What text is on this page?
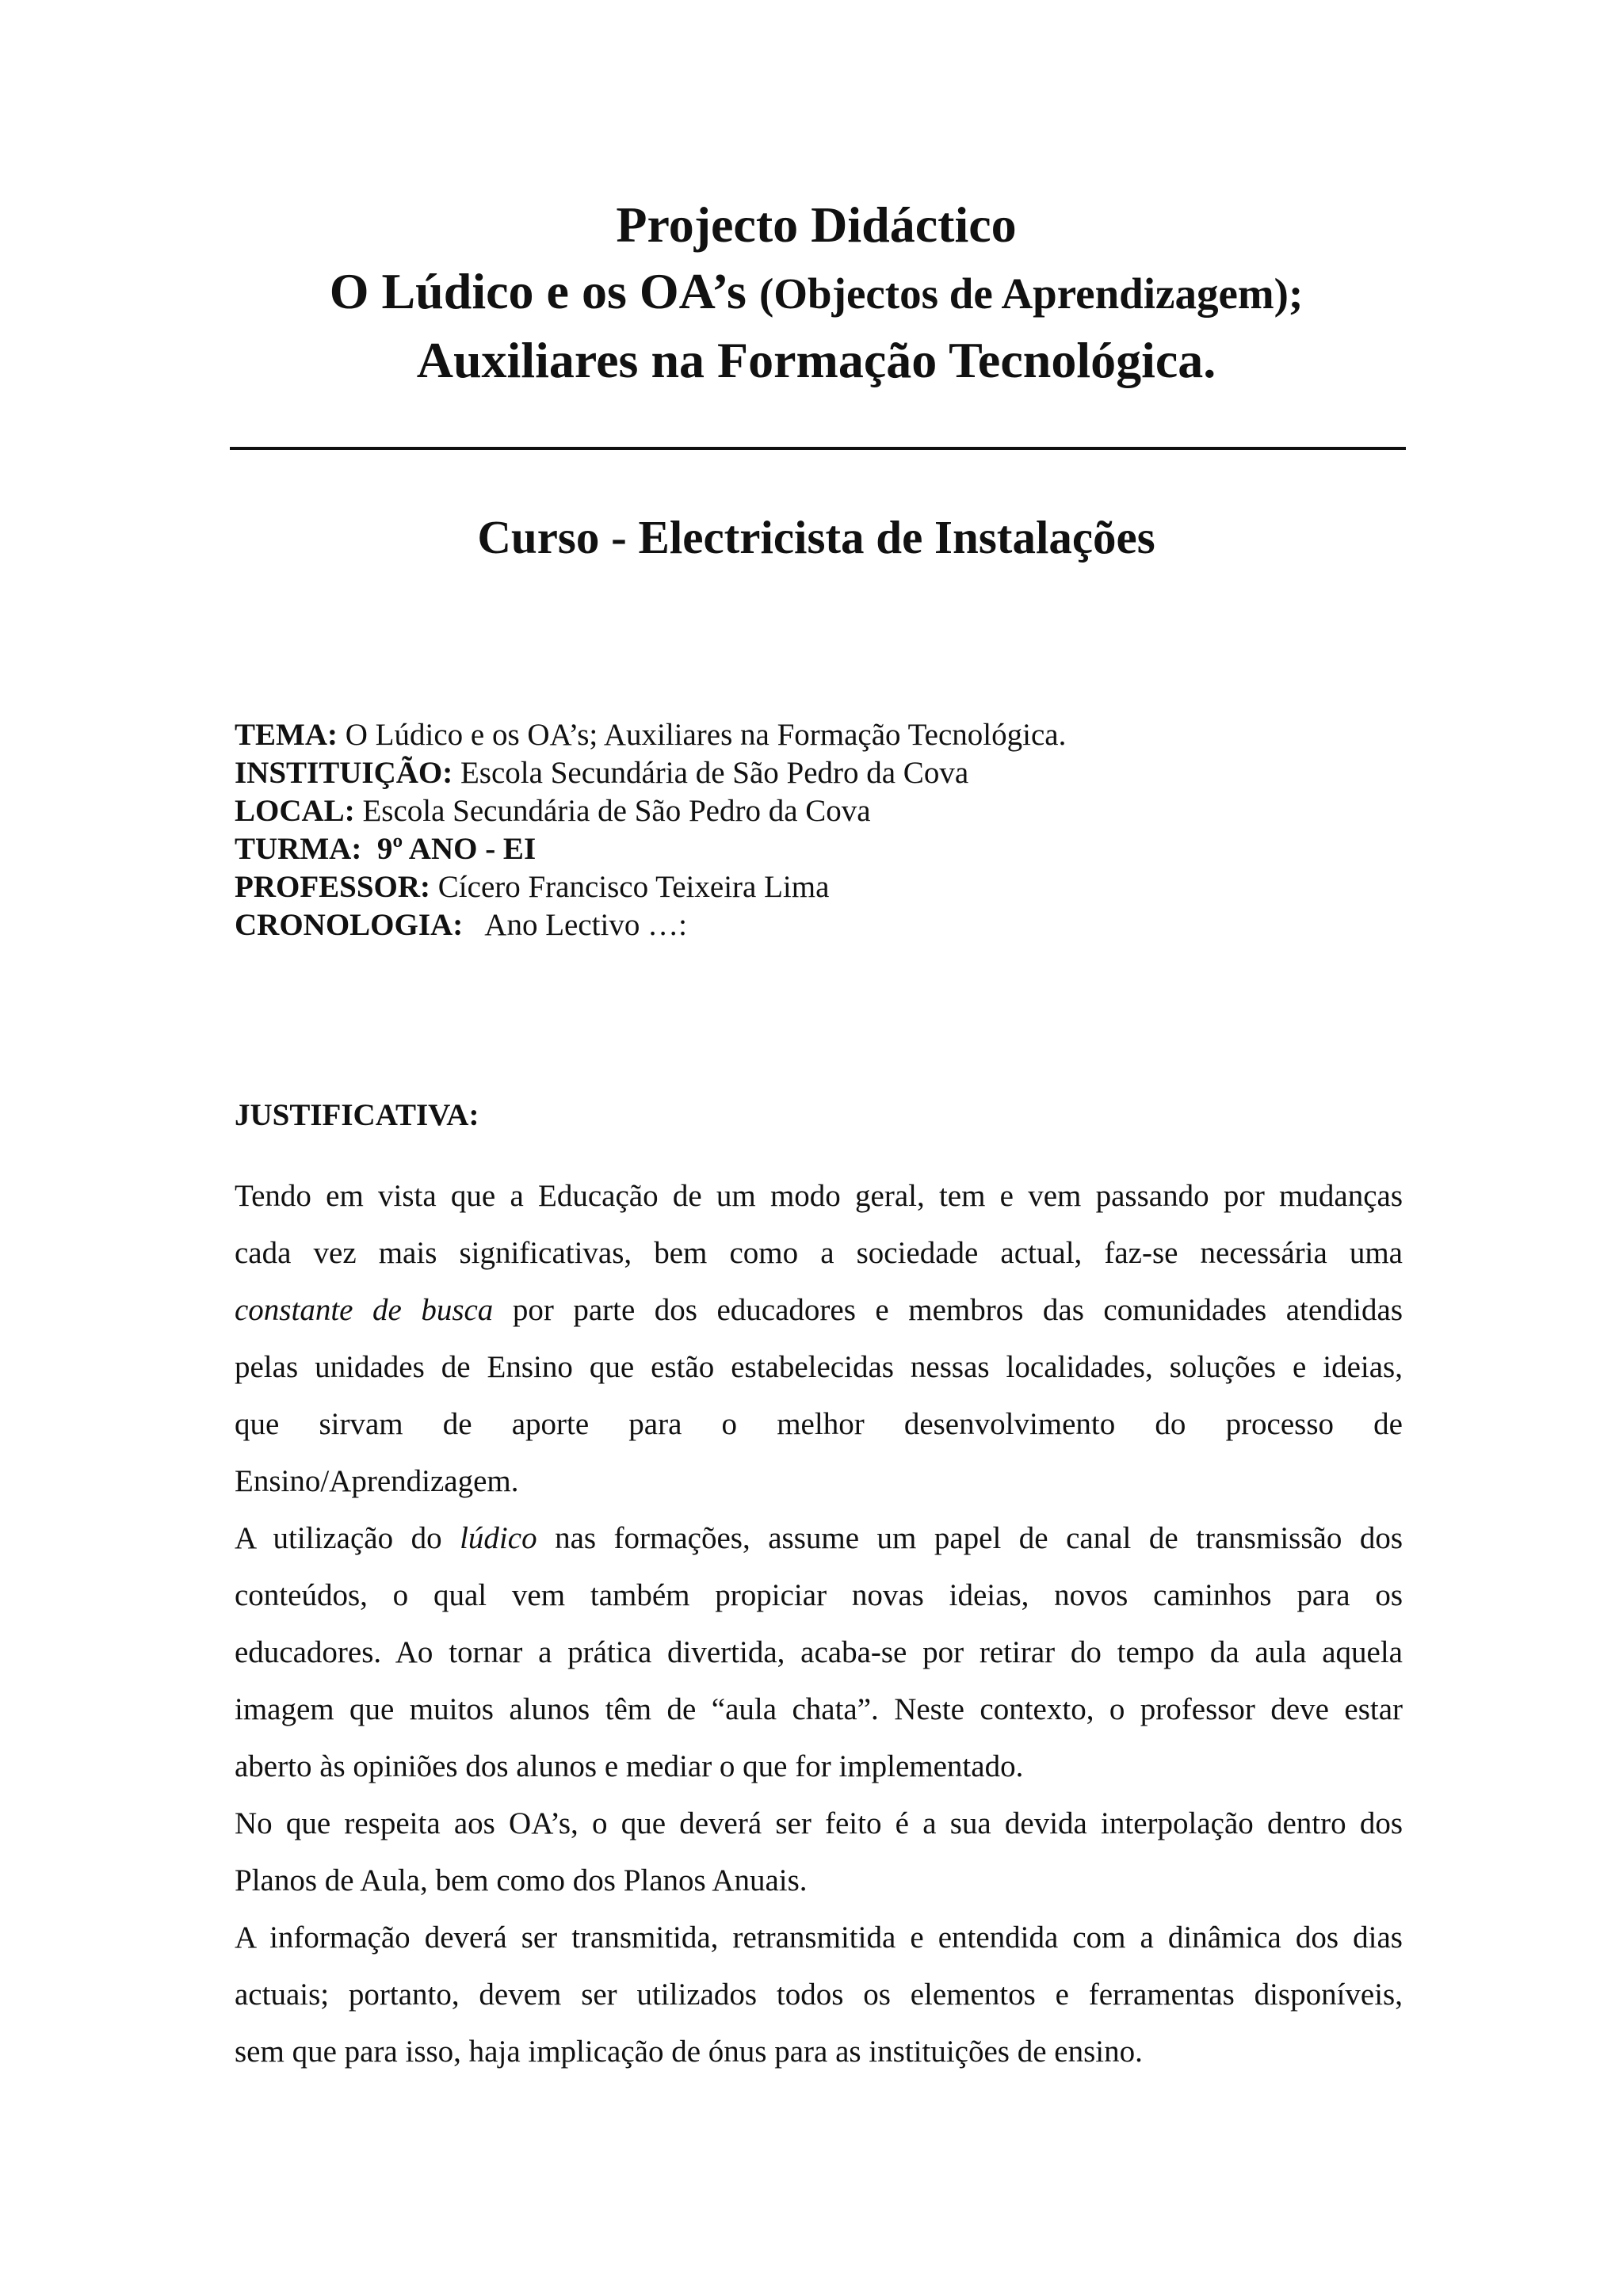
Projecto Didáctico
O Lúdico e os OA’s (Objectos de Aprendizagem);
Auxiliares na Formação Tecnológica.
Curso - Electricista de Instalações
TEMA: O Lúdico e os OA’s; Auxiliares na Formação Tecnológica.
INSTITUIÇÃO: Escola Secundária de São Pedro da Cova
LOCAL: Escola Secundária de São Pedro da Cova
TURMA:  9º ANO - EI
PROFESSOR: Cícero Francisco Teixeira Lima
CRONOLOGIA:   Ano Lectivo …:
JUSTIFICATIVA:
Tendo em vista que a Educação de um modo geral, tem e vem passando por mudanças
cada vez mais significativas, bem como a sociedade actual, faz-se necessária uma
constante de busca por parte dos educadores e membros das comunidades atendidas
pelas unidades de Ensino que estão estabelecidas nessas localidades, soluções e ideias,
que sirvam de aporte para o melhor desenvolvimento do processo de
Ensino/Aprendizagem.
A utilização do lúdico nas formações, assume um papel de canal de transmissão dos
conteúdos, o qual vem também propiciar novas ideias, novos caminhos para os
educadores. Ao tornar a prática divertida, acaba-se por retirar do tempo da aula aquela
imagem que muitos alunos têm de “aula chata”. Neste contexto, o professor deve estar
aberto às opiniões dos alunos e mediar o que for implementado.
No que respeita aos OA’s, o que deverá ser feito é a sua devida interpolação dentro dos
Planos de Aula, bem como dos Planos Anuais.
A informação deverá ser transmitida, retransmitida e entendida com a dinâmica dos dias
actuais; portanto, devem ser utilizados todos os elementos e ferramentas disponíveis,
sem que para isso, haja implicação de ónus para as instituições de ensino.
